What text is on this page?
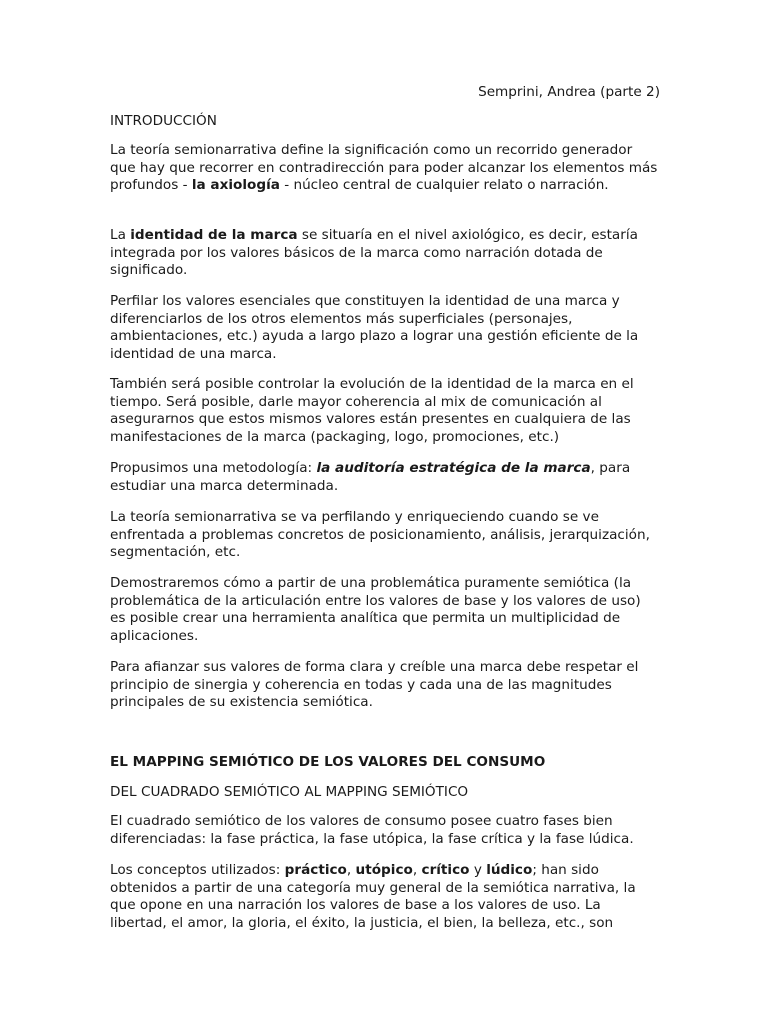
Semprini, Andrea (parte 2)

INTRODUCCIÓN

La teoría semionarrativa define la significación como un recorrido generador que hay que recorrer en contradirección para poder alcanzar los elementos más profundos - la axiología - núcleo central de cualquier relato o narración.

La identidad de la marca se situaría en el nivel axiológico, es decir, estaría integrada por los valores básicos de la marca como narración dotada de significado.

Perfilar los valores esenciales que constituyen la identidad de una marca y diferenciarlos de los otros elementos más superficiales (personajes, ambientaciones, etc.) ayuda a largo plazo a lograr una gestión eficiente de la identidad de una marca.

También será posible controlar la evolución de la identidad de la marca en el tiempo. Será posible, darle mayor coherencia al mix de comunicación al asegurarnos que estos mismos valores están presentes en cualquiera de las manifestaciones de la marca (packaging, logo, promociones, etc.)

Propusimos una metodología: la auditoría estratégica de la marca, para estudiar una marca determinada.

La teoría semionarrativa se va perfilando y enriqueciendo cuando se ve enfrentada a problemas concretos de posicionamiento, análisis, jerarquización, segmentación, etc.

Demostraremos cómo a partir de una problemática puramente semiótica (la problemática de la articulación entre los valores de base y los valores de uso) es posible crear una herramienta analítica que permita un multiplicidad de aplicaciones.

Para afianzar sus valores de forma clara y creíble una marca debe respetar el principio de sinergia y coherencia en todas y cada una de las magnitudes principales de su existencia semiótica.

EL MAPPING SEMIÓTICO DE LOS VALORES DEL CONSUMO

DEL CUADRADO SEMIÓTICO AL MAPPING SEMIÓTICO

El cuadrado semiótico de los valores de consumo posee cuatro fases bien diferenciadas: la fase práctica, la fase utópica, la fase crítica y la fase lúdica.

Los conceptos utilizados: práctico, utópico, crítico y lúdico; han sido obtenidos a partir de una categoría muy general de la semiótica narrativa, la que opone en una narración los valores de base a los valores de uso. La libertad, el amor, la gloria, el éxito, la justicia, el bien, la belleza, etc., son
